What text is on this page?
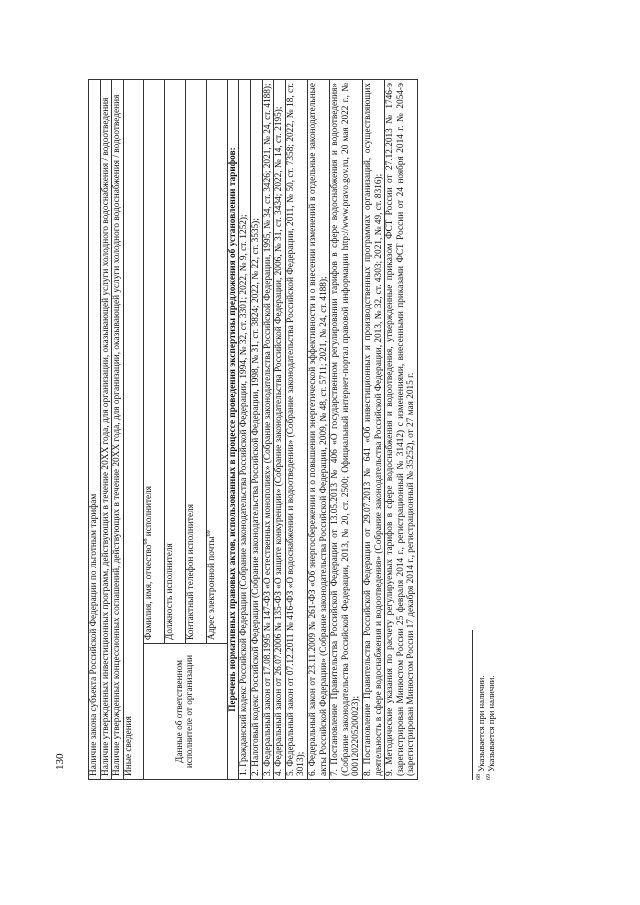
130 Наличие закона субъекта Российской Федерации по льготным тарифам
Наличие утвержденных инвестиционных программ, действующих в течение 20ХХ года, для организации, оказывающей услуги холодного водоснабжения / водоотведения
Наличие утвержденных концессионных соглашений, действующих в течение 20ХХ года, для организации, оказывающей услуги холодного водоснабжения / водоотведения
Иные сведения
Данные об ответственном исполнителе от организации	Фамилия, имя, отчество$^{68}$ исполнителя
Должность исполнителя
Контактный телефон исполнителя
Адрес электронной почты$^{69}$
Перечень нормативных правовых актов, использованных в процессе проведения экспертизы предложения об установлении тарифов:
1. Гражданский кодекс Российской Федерации (Собрание законодательства Российской Федерации, 1994, № 32, ст. 3301; 2022, № 9, ст. 1252);
2. Налоговый кодекс Российской Федерации (Собрание законодательства Российской Федерации, 1998, № 31, ст. 3824; 2022, № 22, ст. 3535);
3. Федеральный закон от 17.08.1995 № 147-ФЗ «О естественных монополиях» (Собрание законодательства Российской Федерации, 1995, № 34, ст. 3426; 2021, № 24, ст. 4188);
4. Федеральный закон от 26.07.2006 № 135-ФЗ «О защите конкуренции» (Собрание законодательства Российской Федерации, 2006, № 31, ст. 3434; 2022, № 14, ст. 2195);
5. Федеральный закон от 07.12.2011 № 416-ФЗ «О водоснабжении и водоотведении» (Собрание законодательства Российской Федерации, 2011, № 50, ст. 7358; 2022, № 18, ст. 3013);
6. Федеральный закон от 23.11.2009 № 261-ФЗ «Об энергосбережении и о повышении энергетической эффективности и о внесении изменений в отдельные законодательные акты Российской Федерации» (Собрание законодательства Российской Федерации, 2009, № 48, ст. 5711; 2021, № 24, ст. 4188);
7. Постановление Правительства Российской Федерации от 13.05.2013 № 406 «О государственном регулировании тарифов в сфере водоснабжения и водоотведения» (Собрание законодательства Российской Федерации, 2013, № 20, ст. 2500; Официальный интернет-портал правовой информации http://www.pravo.gov.ru, 20 мая 2022 г., № 0001202205200023);
8. Постановление Правительства Российской Федерации от 29.07.2013 № 641 «Об инвестиционных и производственных программах организаций, осуществляющих деятельность в сфере водоснабжения и водоотведения» (Собрание законодательства Российской Федерации, 2013, № 32, ст. 4303; 2021, № 49, ст. 8316);
9. Методические указания по расчету регулируемых тарифов в сфере водоснабжения и водоотведения, утвержденные приказом ФСТ России от 27.12.2013 № 1746-э (зарегистрирован Минюстом России 25 февраля 2014 г., регистрационный № 31412) с изменениями, внесенными приказами ФСТ России от 24 ноября 2014 г. № 2054-э (зарегистрирован Минюстом России 17 декабря 2014 г., регистрационный № 35252), от 27 мая 2015 г.
$^{68}$ Указывается при наличии.
$^{69}$ Указывается при наличии.
